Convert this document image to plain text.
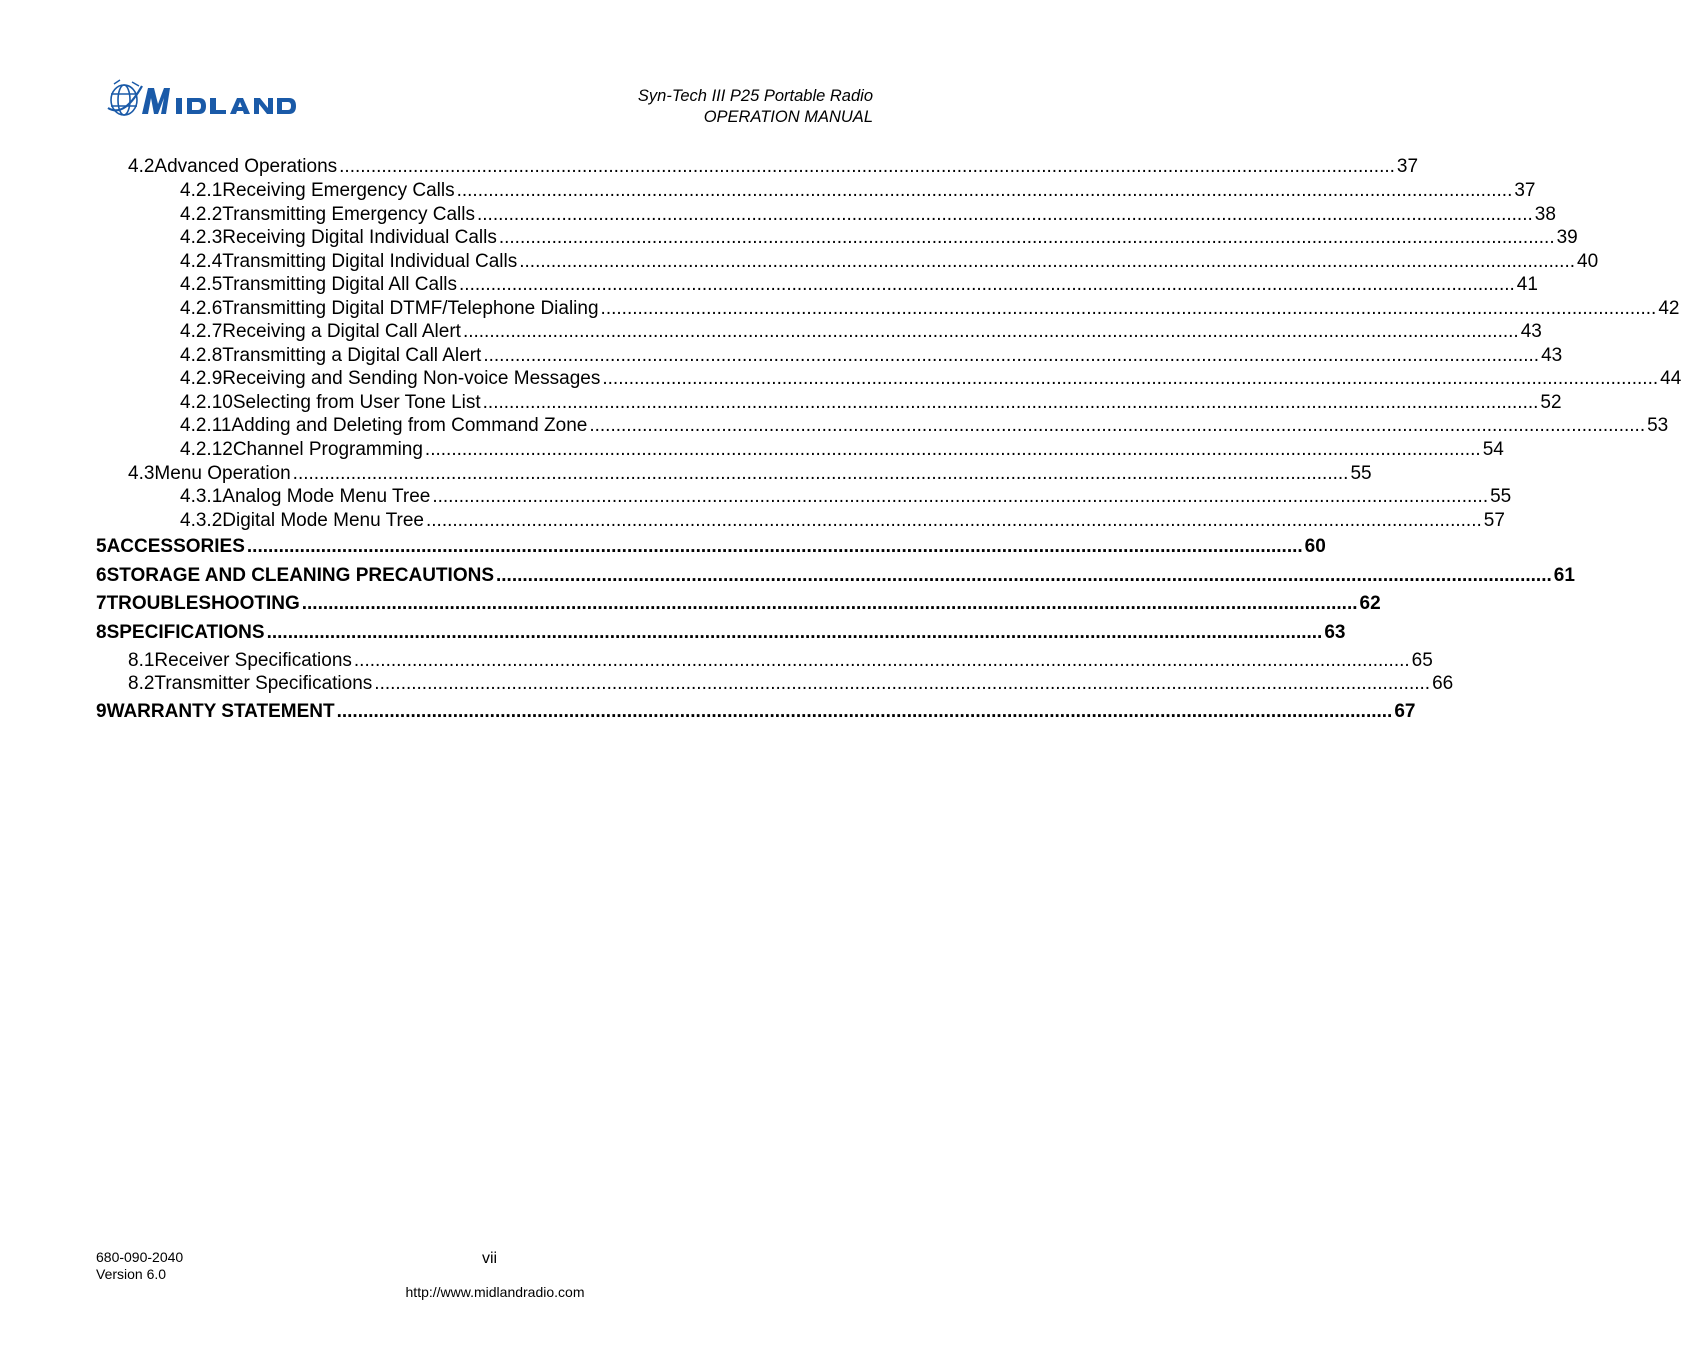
Syn-Tech III P25 Portable Radio
OPERATION MANUAL
4.2 Advanced Operations ........................................................................................................................................................................................................ 37
4.2.1 Receiving Emergency Calls ........................................................................................................................................................................................................ 37
4.2.2 Transmitting Emergency Calls ........................................................................................................................................................................................................ 38
4.2.3 Receiving Digital Individual Calls ........................................................................................................................................................................................................ 39
4.2.4 Transmitting Digital Individual Calls ........................................................................................................................................................................................................ 40
4.2.5 Transmitting Digital All Calls ........................................................................................................................................................................................................ 41
4.2.6 Transmitting Digital DTMF/Telephone Dialing ........................................................................................................................................................................................................ 42
4.2.7 Receiving a Digital Call Alert ........................................................................................................................................................................................................ 43
4.2.8 Transmitting a Digital Call Alert ........................................................................................................................................................................................................ 43
4.2.9 Receiving and Sending Non-voice Messages ........................................................................................................................................................................................................ 44
4.2.10 Selecting from User Tone List ........................................................................................................................................................................................................ 52
4.2.11 Adding and Deleting from Command Zone ........................................................................................................................................................................................................ 53
4.2.12 Channel Programming ........................................................................................................................................................................................................ 54
4.3 Menu Operation ........................................................................................................................................................................................................ 55
4.3.1 Analog Mode Menu Tree ........................................................................................................................................................................................................ 55
4.3.2 Digital Mode Menu Tree ........................................................................................................................................................................................................ 57
5 ACCESSORIES ........................................................................................................................................................................................................ 60
6 STORAGE AND CLEANING PRECAUTIONS ........................................................................................................................................................................................................ 61
7 TROUBLESHOOTING ........................................................................................................................................................................................................ 62
8 SPECIFICATIONS ........................................................................................................................................................................................................ 63
8.1 Receiver Specifications ........................................................................................................................................................................................................ 65
8.2 Transmitter Specifications ........................................................................................................................................................................................................ 66
9 WARRANTY STATEMENT ........................................................................................................................................................................................................ 67
680-090-2040
Version 6.0
vii
http://www.midlandradio.com
